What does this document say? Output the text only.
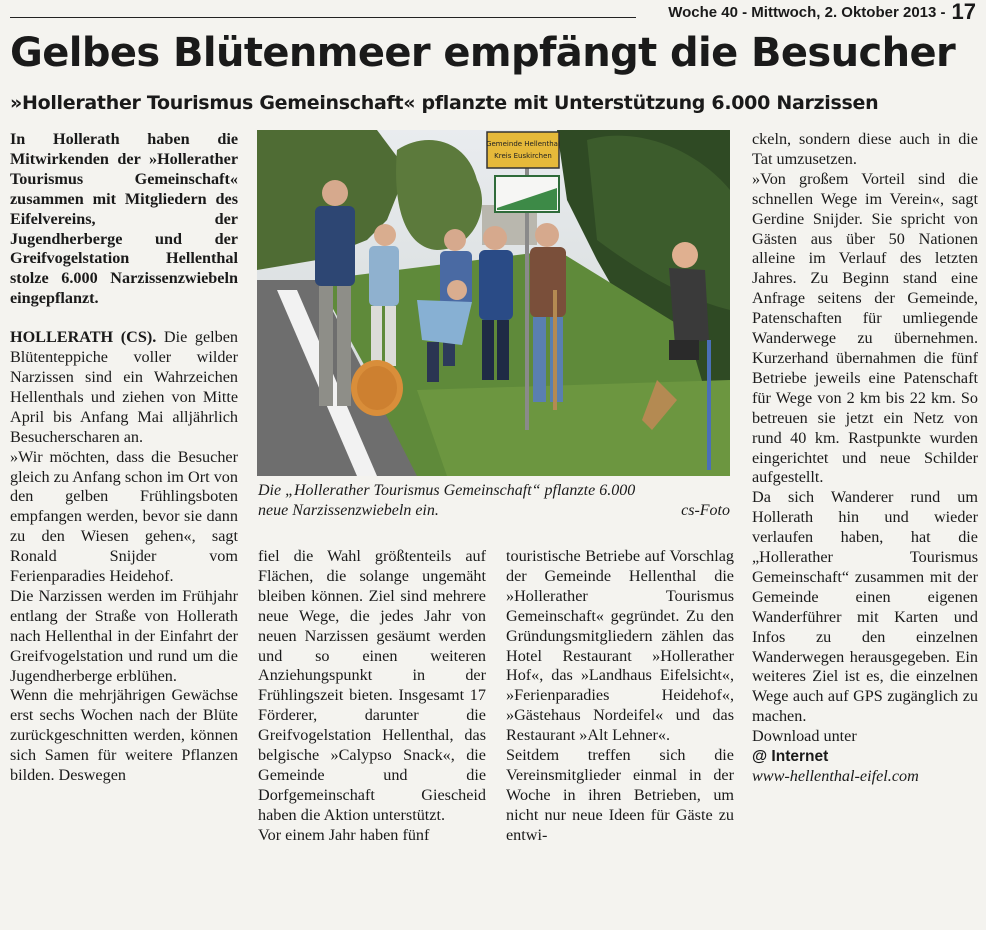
Woche 40 - Mittwoch, 2. Oktober 2013 - 17
Gelbes Blütenmeer empfängt die Besucher
»Hollerather Tourismus Gemeinschaft« pflanzte mit Unterstützung 6.000 Narzissen

In Hollerath haben die Mitwirkenden der »Hollerather Tourismus Gemeinschaft« zusammen mit Mitgliedern des Eifelvereins, der Jugendherberge und der Greifvogelstation Hellenthal stolze 6.000 Narzissenzwiebeln eingepflanzt.

HOLLERATH (CS). Die gelben Blütenteppiche voller wilder Narzissen sind ein Wahrzeichen Hellenthals und ziehen von Mitte April bis Anfang Mai alljährlich Besucherscharen an.

»Wir möchten, dass die Besucher gleich zu Anfang schon im Ort von den gelben Frühlingsboten empfangen werden, bevor sie dann zu den Wiesen gehen«, sagt Ronald Snijder vom Ferienparadies Heidehof.

Die Narzissen werden im Frühjahr entlang der Straße von Hollerath nach Hellenthal in der Einfahrt der Greifvogelstation und rund um die Jugendherberge erblühen.

Wenn die mehrjährigen Gewächse erst sechs Wochen nach der Blüte zurückgeschnitten werden, können sich Samen für weitere Pflanzen bilden. Deswegen

Gemeinde Hellenthal
Kreis Euskirchen
Die „Hollerather Tourismus Gemeinschaft“ pflanzte 6.000
neue Narzissenzwiebeln ein.	cs-Foto

fiel die Wahl größtenteils auf Flächen, die solange ungemäht bleiben können. Ziel sind mehrere neue Wege, die jedes Jahr von neuen Narzissen gesäumt werden und so einen weiteren Anziehungspunkt in der Frühlingszeit bieten. Insgesamt 17 Förderer, darunter die Greifvogelstation Hellenthal, das belgische »Calypso Snack«, die Gemeinde und die Dorfgemeinschaft Giescheid haben die Aktion unterstützt.

Vor einem Jahr haben fünf

touristische Betriebe auf Vorschlag der Gemeinde Hellenthal die »Hollerather Tourismus Gemeinschaft« gegründet. Zu den Gründungsmitgliedern zählen das Hotel Restaurant »Hollerather Hof«, das »Landhaus Eifelsicht«, »Ferienparadies Heidehof«, »Gästehaus Nordeifel« und das Restaurant »Alt Lehner«.

Seitdem treffen sich die Vereinsmitglieder einmal in der Woche in ihren Betrieben, um nicht nur neue Ideen für Gäste zu entwi-

ckeln, sondern diese auch in die Tat umzusetzen.

»Von großem Vorteil sind die schnellen Wege im Verein«, sagt Gerdine Snijder. Sie spricht von Gästen aus über 50 Nationen alleine im Verlauf des letzten Jahres. Zu Beginn stand eine Anfrage seitens der Gemeinde, Patenschaften für umliegende Wanderwege zu übernehmen. Kurzerhand übernahmen die fünf Betriebe jeweils eine Patenschaft für Wege von 2 km bis 22 km. So betreuen sie jetzt ein Netz von rund 40 km. Rastpunkte wurden eingerichtet und neue Schilder aufgestellt.

Da sich Wanderer rund um Hollerath hin und wieder verlaufen haben, hat die „Hollerather Tourismus Gemeinschaft“ zusammen mit der Gemeinde einen eigenen Wanderführer mit Karten und Infos zu den einzelnen Wanderwegen herausgegeben. Ein weiteres Ziel ist es, die einzelnen Wege auch auf GPS zugänglich zu machen.

Download unter

@ Internet

www-hellenthal-eifel.com
